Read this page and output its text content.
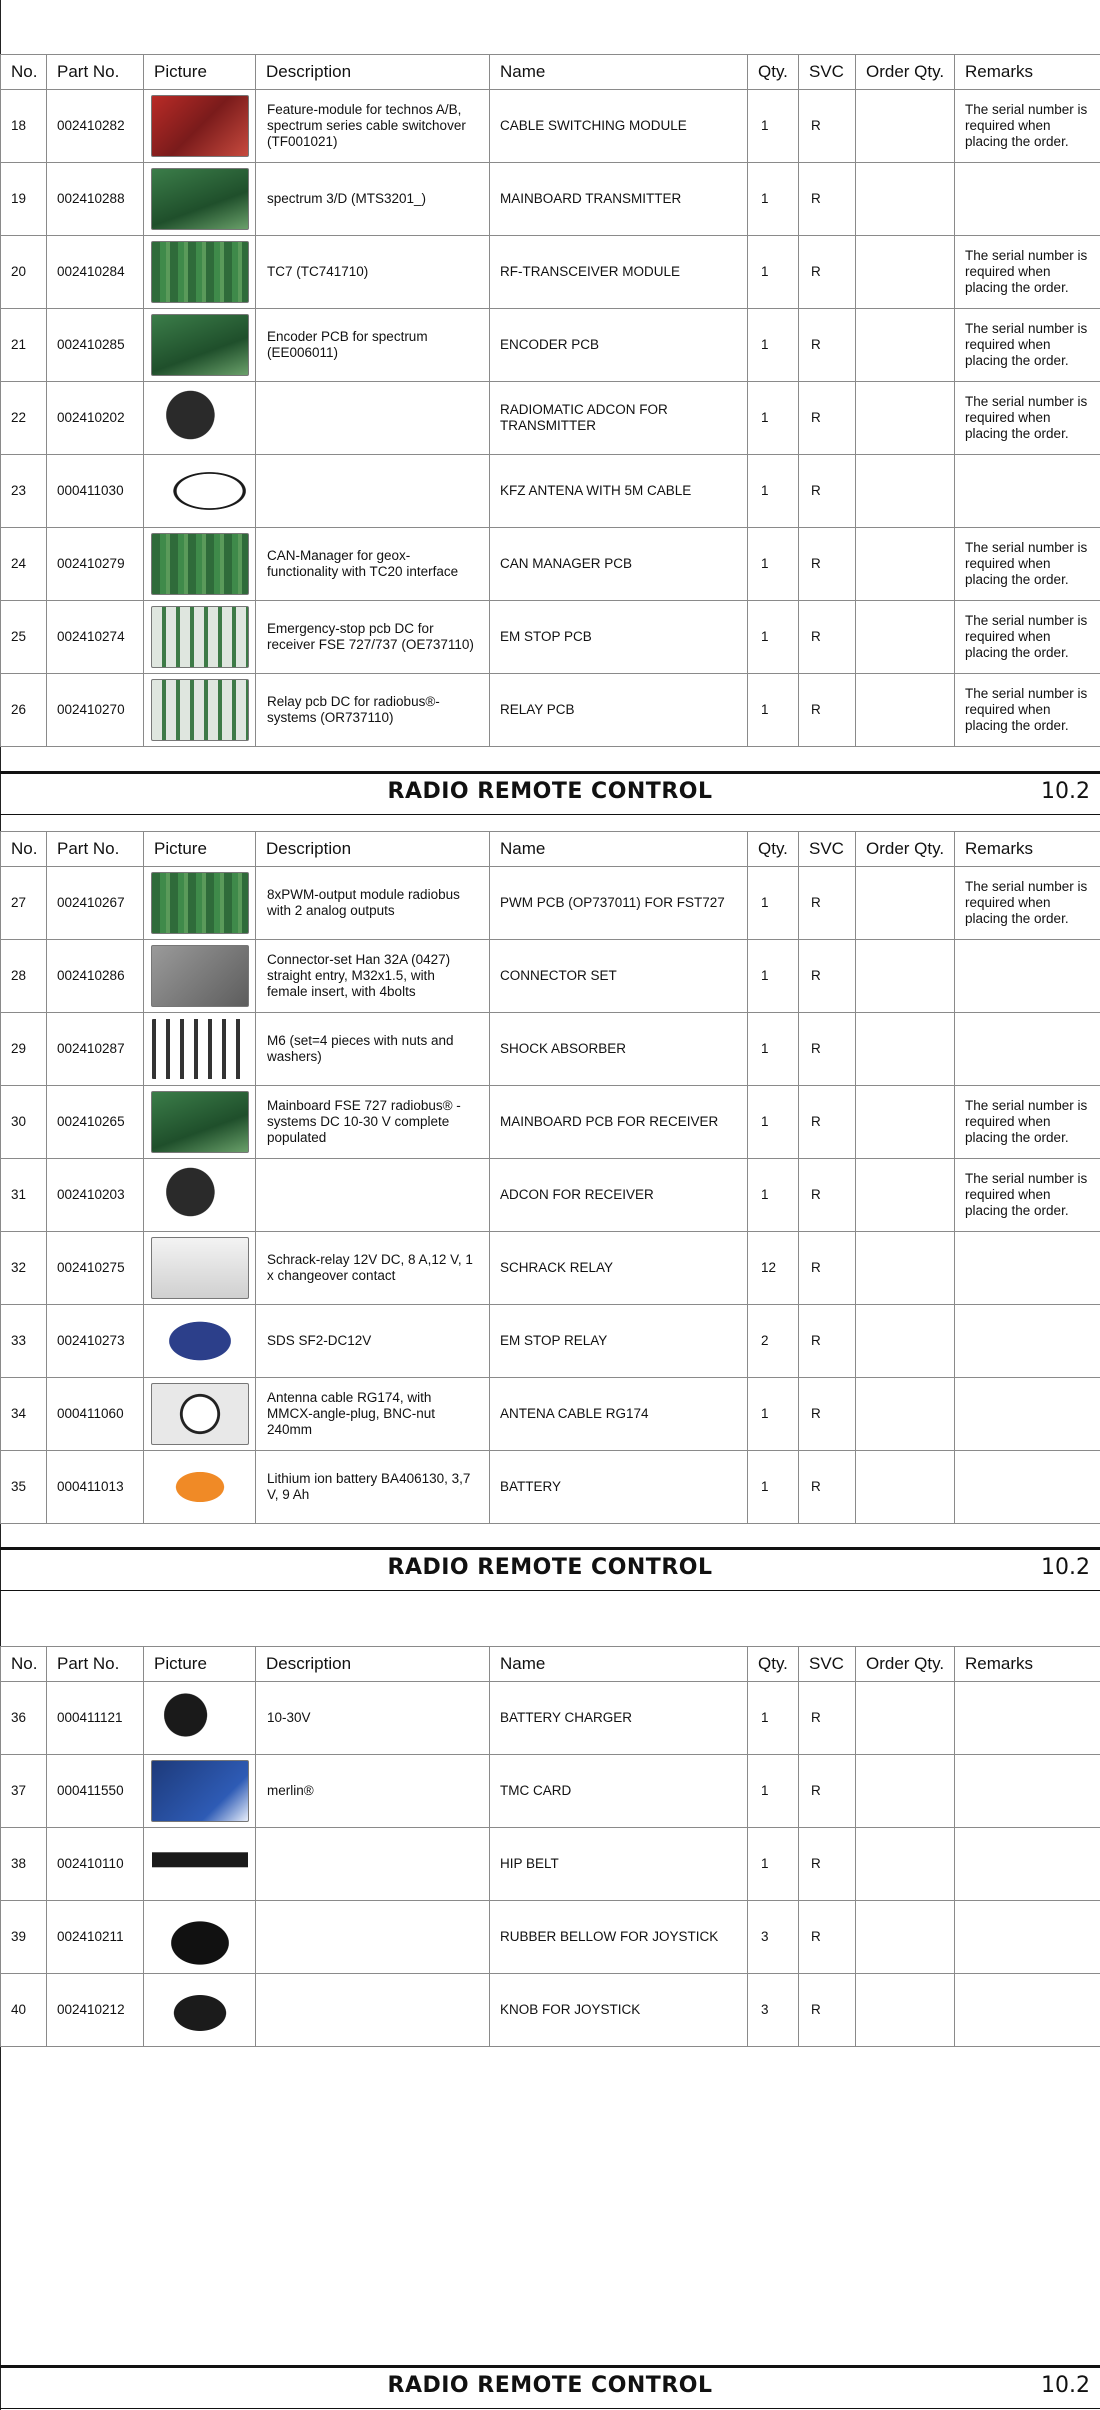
No.	Part No.	Picture	Description	Name	Qty.	SVC	Order Qty.	Remarks
18	002410282		Feature-module for technos A/B, spectrum series cable switchover (TF001021)	CABLE SWITCHING MODULE	1	R		The serial number is required when placing the order.
19	002410288		spectrum 3/D (MTS3201_)	MAINBOARD TRANSMITTER	1	R		
20	002410284		TC7 (TC741710)	RF-TRANSCEIVER MODULE	1	R		The serial number is required when placing the order.
21	002410285		Encoder PCB for spectrum (EE006011)	ENCODER PCB	1	R		The serial number is required when placing the order.
22	002410202			RADIOMATIC ADCON FOR TRANSMITTER	1	R		The serial number is required when placing the order.
23	000411030			KFZ ANTENA WITH 5M CABLE	1	R		
24	002410279		CAN-Manager for geox-functionality with TC20 interface	CAN MANAGER PCB	1	R		The serial number is required when placing the order.
25	002410274		Emergency-stop pcb DC for receiver FSE 727/737 (OE737110)	EM STOP PCB	1	R		The serial number is required when placing the order.
26	002410270		Relay pcb DC for radiobus®-systems (OR737110)	RELAY PCB	1	R		The serial number is required when placing the order.
RADIO REMOTE CONTROL	10.2
No.	Part No.	Picture	Description	Name	Qty.	SVC	Order Qty.	Remarks
27	002410267		8xPWM-output module radiobus with 2 analog outputs	PWM PCB (OP737011) FOR FST727	1	R		The serial number is required when placing the order.
28	002410286		Connector-set Han 32A (0427) straight entry, M32x1.5, with female insert, with 4bolts	CONNECTOR SET	1	R		
29	002410287		M6 (set=4 pieces with nuts and washers)	SHOCK ABSORBER	1	R		
30	002410265		Mainboard FSE 727 radiobus® - systems DC 10-30 V complete populated	MAINBOARD PCB FOR RECEIVER	1	R		The serial number is required when placing the order.
31	002410203			ADCON FOR RECEIVER	1	R		The serial number is required when placing the order.
32	002410275		Schrack-relay 12V DC, 8 A,12 V, 1 x changeover contact	SCHRACK RELAY	12	R		
33	002410273		SDS SF2-DC12V	EM STOP RELAY	2	R		
34	000411060		Antenna cable RG174, with MMCX-angle-plug, BNC-nut 240mm	ANTENA CABLE RG174	1	R		
35	000411013		Lithium ion battery BA406130, 3,7 V, 9 Ah	BATTERY	1	R		
RADIO REMOTE CONTROL	10.2
No.	Part No.	Picture	Description	Name	Qty.	SVC	Order Qty.	Remarks
36	000411121		10-30V	BATTERY CHARGER	1	R		
37	000411550		merlin®	TMC CARD	1	R		
38	002410110			HIP BELT	1	R		
39	002410211			RUBBER BELLOW FOR JOYSTICK	3	R		
40	002410212			KNOB FOR JOYSTICK	3	R		
RADIO REMOTE CONTROL	10.2
